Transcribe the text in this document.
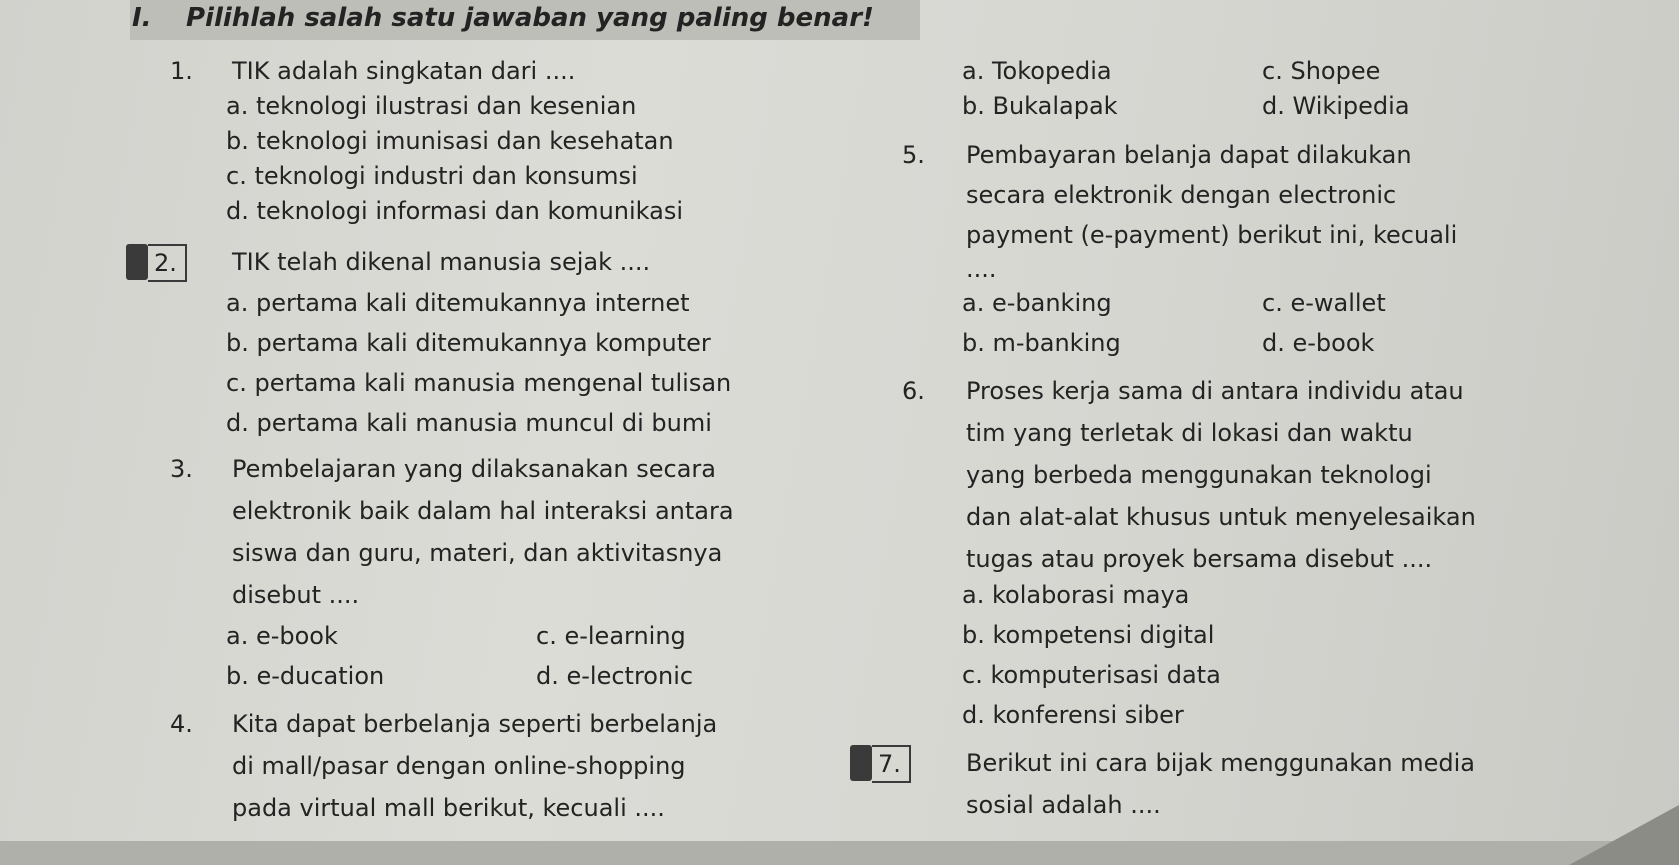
I. Pilihlah salah satu jawaban yang paling benar!
1. TIK adalah singkatan dari ....
a. teknologi ilustrasi dan kesenian
b. teknologi imunisasi dan kesehatan
c. teknologi industri dan konsumsi
d. teknologi informasi dan komunikasi
2.	TIK telah dikenal manusia sejak ....
a. pertama kali ditemukannya internet
b. pertama kali ditemukannya komputer
c. pertama kali manusia mengenal tulisan
d. pertama kali manusia muncul di bumi
3. Pembelajaran yang dilaksanakan secara
elektronik baik dalam hal interaksi antara
siswa dan guru, materi, dan aktivitasnya
disebut ....
a. e-book	c. e-learning
b. e-ducation	d. e-lectronic
4. Kita dapat berbelanja seperti berbelanja
di mall/pasar dengan online-shopping
pada virtual mall berikut, kecuali ....
a. Tokopedia	c. Shopee
b. Bukalapak	d. Wikipedia
5. Pembayaran belanja dapat dilakukan
secara elektronik dengan electronic
payment (e-payment) berikut ini, kecuali
....
a. e-banking	c. e-wallet
b. m-banking	d. e-book
6. Proses kerja sama di antara individu atau
tim yang terletak di lokasi dan waktu
yang berbeda menggunakan teknologi
dan alat-alat khusus untuk menyelesaikan
tugas atau proyek bersama disebut ....
a. kolaborasi maya
b. kompetensi digital
c. komputerisasi data
d. konferensi siber
7.	Berikut ini cara bijak menggunakan media
sosial adalah ....
